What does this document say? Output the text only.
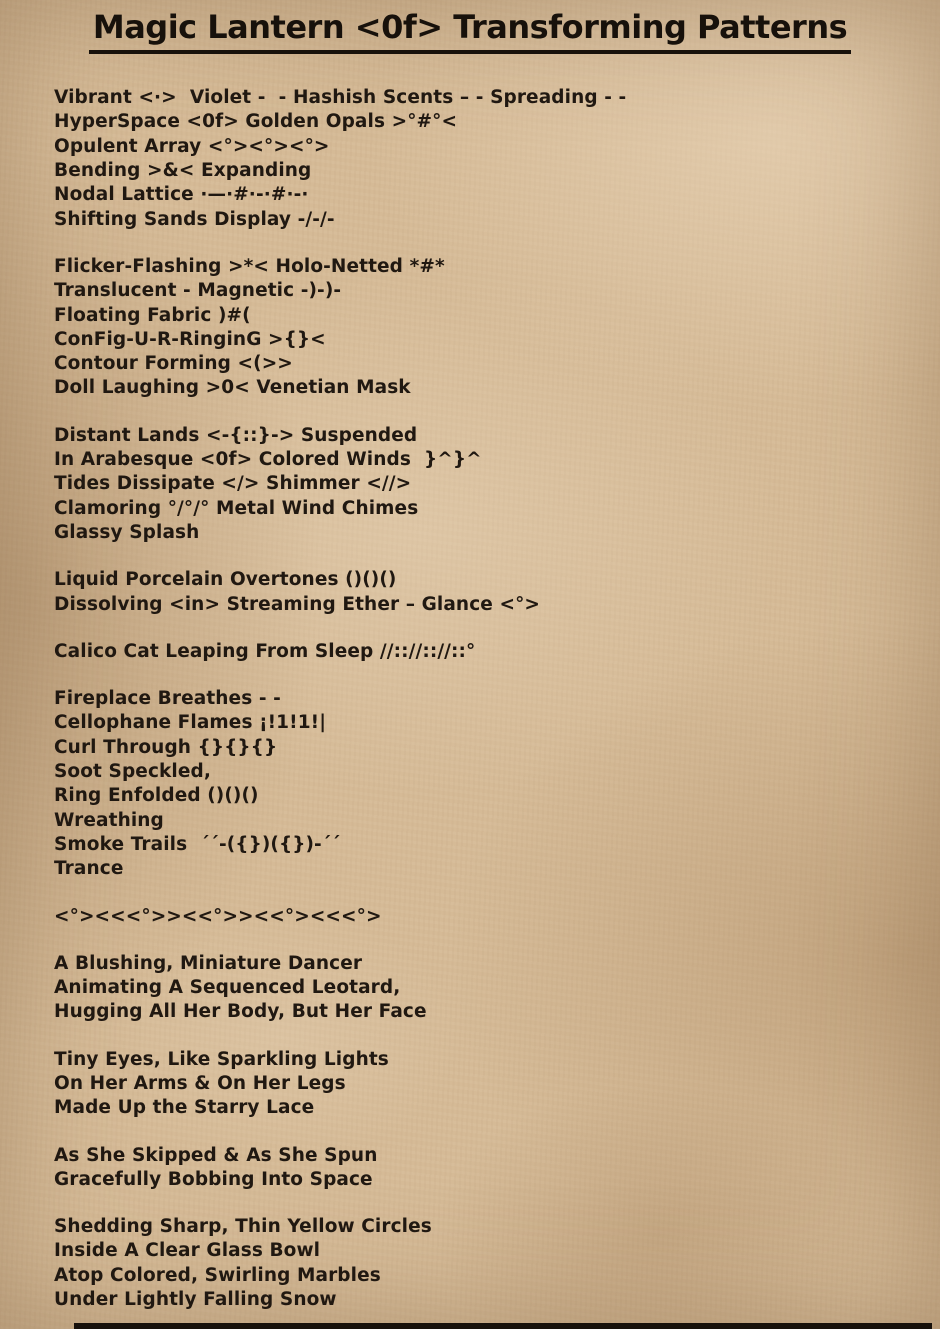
Magic Lantern <0f> Transforming Patterns
Vibrant <·>  Violet -  - Hashish Scents – - Spreading - -
HyperSpace <0f> Golden Opals >°#°<
Opulent Array <°><°><°>
Bending >&< Expanding
Nodal Lattice ·—·#·-·#·-·
Shifting Sands Display -/-/-
Flicker-Flashing >*< Holo-Netted *#*
Translucent - Magnetic -)-)-
Floating Fabric )#(
ConFig-U-R-RinginG >{}<
Contour Forming <(>>
Doll Laughing >0< Venetian Mask
Distant Lands <-{::}-> Suspended
In Arabesque <0f> Colored Winds  }^}^
Tides Dissipate </> Shimmer <//>
Clamoring °/°/° Metal Wind Chimes
Glassy Splash
Liquid Porcelain Overtones ()()()
Dissolving <in> Streaming Ether – Glance <°>
Calico Cat Leaping From Sleep //:://:://::°
Fireplace Breathes - -
Cellophane Flames ¡!1!1!|
Curl Through {}{}{}
Soot Speckled,
Ring Enfolded ()()()
Wreathing
Smoke Trails  ´´-({})({})-´´
Trance
<°><<<°>><<°>><<°><<<°>
A Blushing, Miniature Dancer
Animating A Sequenced Leotard,
Hugging All Her Body, But Her Face
Tiny Eyes, Like Sparkling Lights
On Her Arms & On Her Legs
Made Up the Starry Lace
As She Skipped & As She Spun
Gracefully Bobbing Into Space
Shedding Sharp, Thin Yellow Circles
Inside A Clear Glass Bowl
Atop Colored, Swirling Marbles
Under Lightly Falling Snow
